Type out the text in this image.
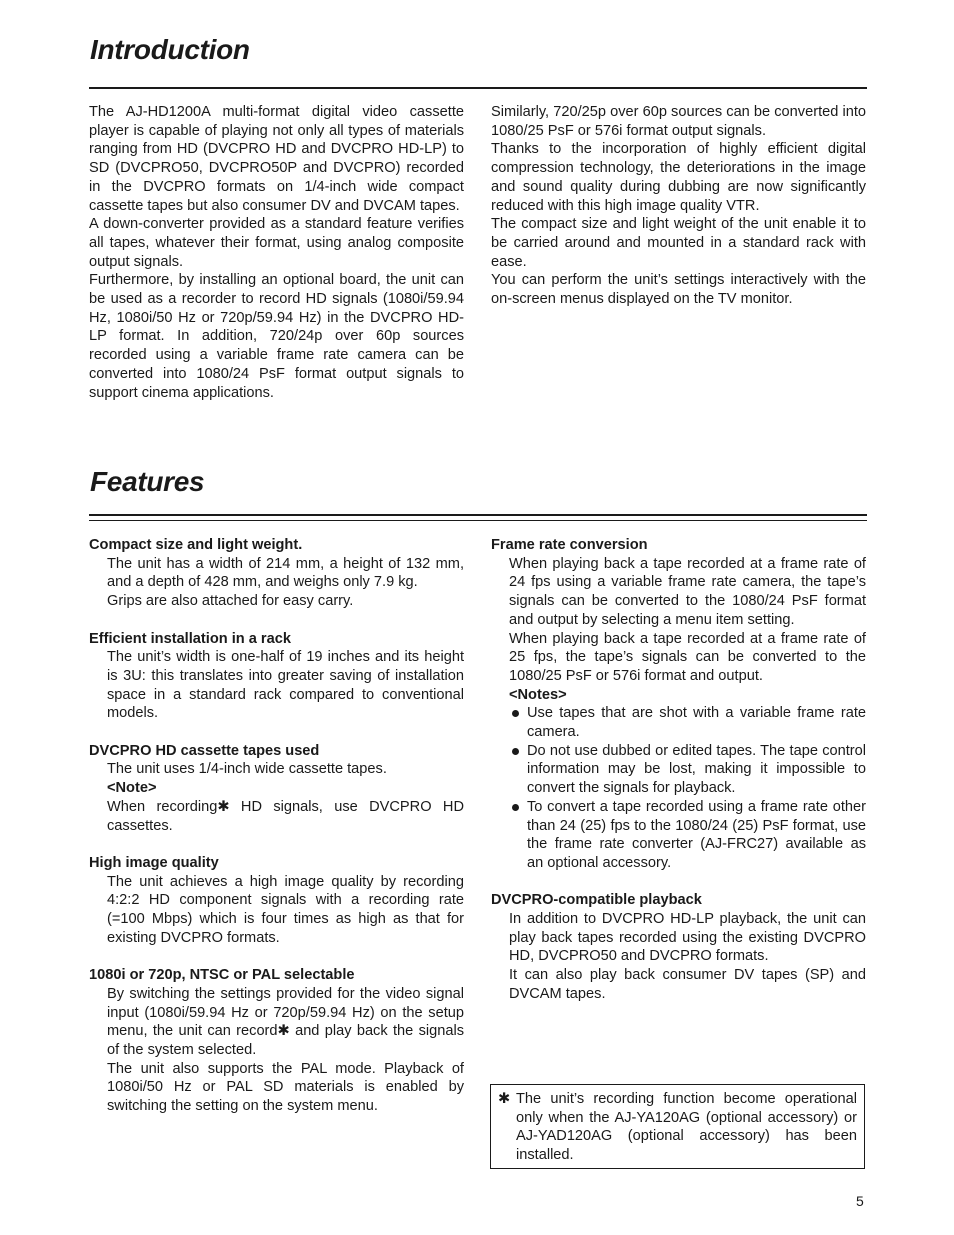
Introduction

The AJ-HD1200A multi-format digital video cassette player is capable of playing not only all types of materials ranging from HD (DVCPRO HD and DVCPRO HD-LP) to SD (DVCPRO50, DVCPRO50P and DVCPRO) recorded in the DVCPRO formats on 1/4-inch wide compact cassette tapes but also consumer DV and DVCAM tapes.

A down-converter provided as a standard feature verifies all tapes, whatever their format, using analog composite output signals.

Furthermore, by installing an optional board, the unit can be used as a recorder to record HD signals (1080i/59.94 Hz, 1080i/50 Hz or 720p/59.94 Hz) in the DVCPRO HD-LP format. In addition, 720/24p over 60p sources recorded using a variable frame rate camera can be converted into 1080/24 PsF format output signals to support cinema applications.

Similarly, 720/25p over 60p sources can be converted into 1080/25 PsF or 576i format output signals.

Thanks to the incorporation of highly efficient digital compression technology, the deteriorations in the image and sound quality during dubbing are now significantly reduced with this high image quality VTR.

The compact size and light weight of the unit enable it to be carried around and mounted in a standard rack with ease.

You can perform the unit’s settings interactively with the on-screen menus displayed on the TV monitor.

Features

Compact size and light weight.

The unit has a width of 214 mm, a height of 132 mm, and a depth of 428 mm, and weighs only 7.9 kg.

Grips are also attached for easy carry.

Efficient installation in a rack

The unit’s width is one-half of 19 inches and its height is 3U: this translates into greater saving of installation space in a standard rack compared to conventional models.

DVCPRO HD cassette tapes used

The unit uses 1/4-inch wide cassette tapes.

<Note>

When recording✱ HD signals, use DVCPRO HD cassettes.

High image quality

The unit achieves a high image quality by recording 4:2:2 HD component signals with a recording rate (=100 Mbps) which is four times as high as that for existing DVCPRO formats.

1080i or 720p, NTSC or PAL selectable

By switching the settings provided for the video signal input (1080i/59.94 Hz or 720p/59.94 Hz) on the setup menu, the unit can record✱ and play back the signals of the system selected.

The unit also supports the PAL mode. Playback of 1080i/50 Hz or PAL SD materials is enabled by switching the setting on the system menu.

Frame rate conversion

When playing back a tape recorded at a frame rate of 24 fps using a variable frame rate camera, the tape’s signals can be converted to the 1080/24 PsF format and output by selecting a menu item setting.

When playing back a tape recorded at a frame rate of 25 fps, the tape’s signals can be converted to the 1080/25 PsF or 576i format and output.

<Notes>

Use tapes that are shot with a variable frame rate camera.
Do not use dubbed or edited tapes. The tape control information may be lost, making it impossible to convert the signals for playback.
To convert a tape recorded using a frame rate other than 24 (25) fps to the 1080/24 (25) PsF format, use the frame rate converter (AJ-FRC27) available as an optional accessory.

DVCPRO-compatible playback

In addition to DVCPRO HD-LP playback, the unit can play back tapes recorded using the existing DVCPRO HD, DVCPRO50 and DVCPRO formats.

It can also play back consumer DV tapes (SP) and DVCAM tapes.

✱ The unit’s recording function become operational only when the AJ-YA120AG (optional accessory) or AJ-YAD120AG (optional accessory) has been installed.

5
